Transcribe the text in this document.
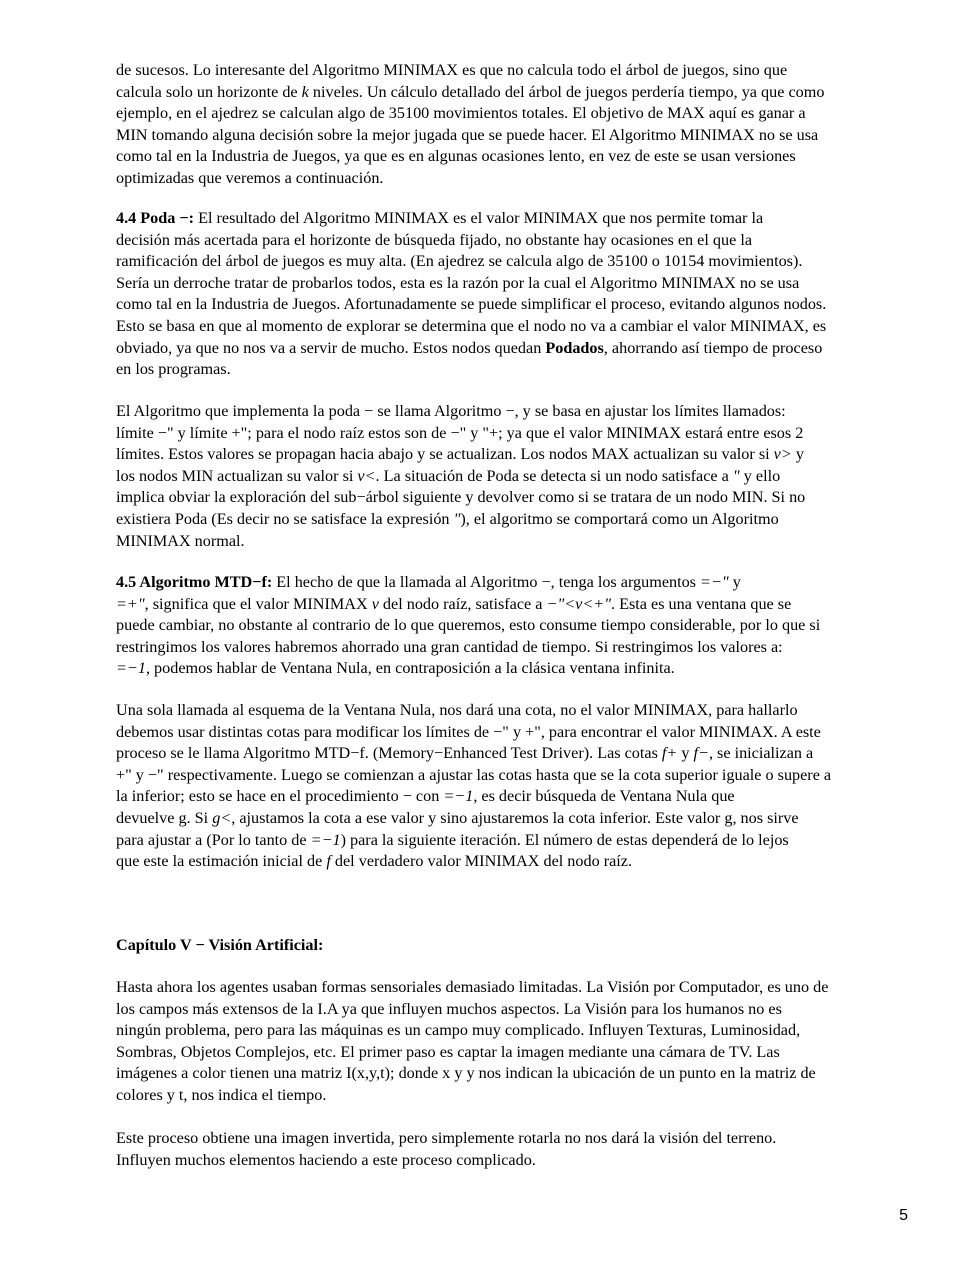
de sucesos. Lo interesante del Algoritmo MINIMAX es que no calcula todo el árbol de juegos, sino que
calcula solo un horizonte de k niveles. Un cálculo detallado del árbol de juegos perdería tiempo, ya que como
ejemplo, en el ajedrez se calculan algo de 35100 movimientos totales. El objetivo de MAX aquí es ganar a
MIN tomando alguna decisión sobre la mejor jugada que se puede hacer. El Algoritmo MINIMAX no se usa
como tal en la Industria de Juegos, ya que es en algunas ocasiones lento, en vez de este se usan versiones
optimizadas que veremos a continuación.

4.4 Poda −: El resultado del Algoritmo MINIMAX es el valor MINIMAX que nos permite tomar la
decisión más acertada para el horizonte de búsqueda fijado, no obstante hay ocasiones en el que la
ramificación del árbol de juegos es muy alta. (En ajedrez se calcula algo de 35100 o 10154 movimientos).
Sería un derroche tratar de probarlos todos, esta es la razón por la cual el Algoritmo MINIMAX no se usa
como tal en la Industria de Juegos. Afortunadamente se puede simplificar el proceso, evitando algunos nodos.
Esto se basa en que al momento de explorar se determina que el nodo no va a cambiar el valor MINIMAX, es
obviado, ya que no nos va a servir de mucho. Estos nodos quedan Podados, ahorrando así tiempo de proceso
en los programas.

El Algoritmo que implementa la poda − se llama Algoritmo −, y se basa en ajustar los límites llamados:
límite −" y límite +"; para el nodo raíz estos son de −" y "+; ya que el valor MINIMAX estará entre esos 2
límites. Estos valores se propagan hacia abajo y se actualizan. Los nodos MAX actualizan su valor si v> y
los nodos MIN actualizan su valor si v<. La situación de Poda se detecta si un nodo satisface a " y ello
implica obviar la exploración del sub−árbol siguiente y devolver como si se tratara de un nodo MIN. Si no
existiera Poda (Es decir no se satisface la expresión "), el algoritmo se comportará como un Algoritmo
MINIMAX normal.

4.5 Algoritmo MTD−f: El hecho de que la llamada al Algoritmo −, tenga los argumentos =−" y
=+", significa que el valor MINIMAX v del nodo raíz, satisface a −"<v<+". Esta es una ventana que se
puede cambiar, no obstante al contrario de lo que queremos, esto consume tiempo considerable, por lo que si
restringimos los valores habremos ahorrado una gran cantidad de tiempo. Si restringimos los valores a:
=−1, podemos hablar de Ventana Nula, en contraposición a la clásica ventana infinita.

Una sola llamada al esquema de la Ventana Nula, nos dará una cota, no el valor MINIMAX, para hallarlo
debemos usar distintas cotas para modificar los límites de −" y +", para encontrar el valor MINIMAX. A este
proceso se le llama Algoritmo MTD−f. (Memory−Enhanced Test Driver). Las cotas f+ y f−, se inicializan a
+" y −" respectivamente. Luego se comienzan a ajustar las cotas hasta que se la cota superior iguale o supere a
la inferior; esto se hace en el procedimiento − con =−1, es decir búsqueda de Ventana Nula que
devuelve g. Si g<, ajustamos la cota a ese valor y sino ajustaremos la cota inferior. Este valor g, nos sirve
para ajustar a (Por lo tanto de =−1) para la siguiente iteración. El número de estas dependerá de lo lejos
que este la estimación inicial de f del verdadero valor MINIMAX del nodo raíz.

Capítulo V − Visión Artificial:

Hasta ahora los agentes usaban formas sensoriales demasiado limitadas. La Visión por Computador, es uno de
los campos más extensos de la I.A ya que influyen muchos aspectos. La Visión para los humanos no es
ningún problema, pero para las máquinas es un campo muy complicado. Influyen Texturas, Luminosidad,
Sombras, Objetos Complejos, etc. El primer paso es captar la imagen mediante una cámara de TV. Las
imágenes a color tienen una matriz I(x,y,t); donde x y y nos indican la ubicación de un punto en la matriz de
colores y t, nos indica el tiempo.

Este proceso obtiene una imagen invertida, pero simplemente rotarla no nos dará la visión del terreno.
Influyen muchos elementos haciendo a este proceso complicado.

5
